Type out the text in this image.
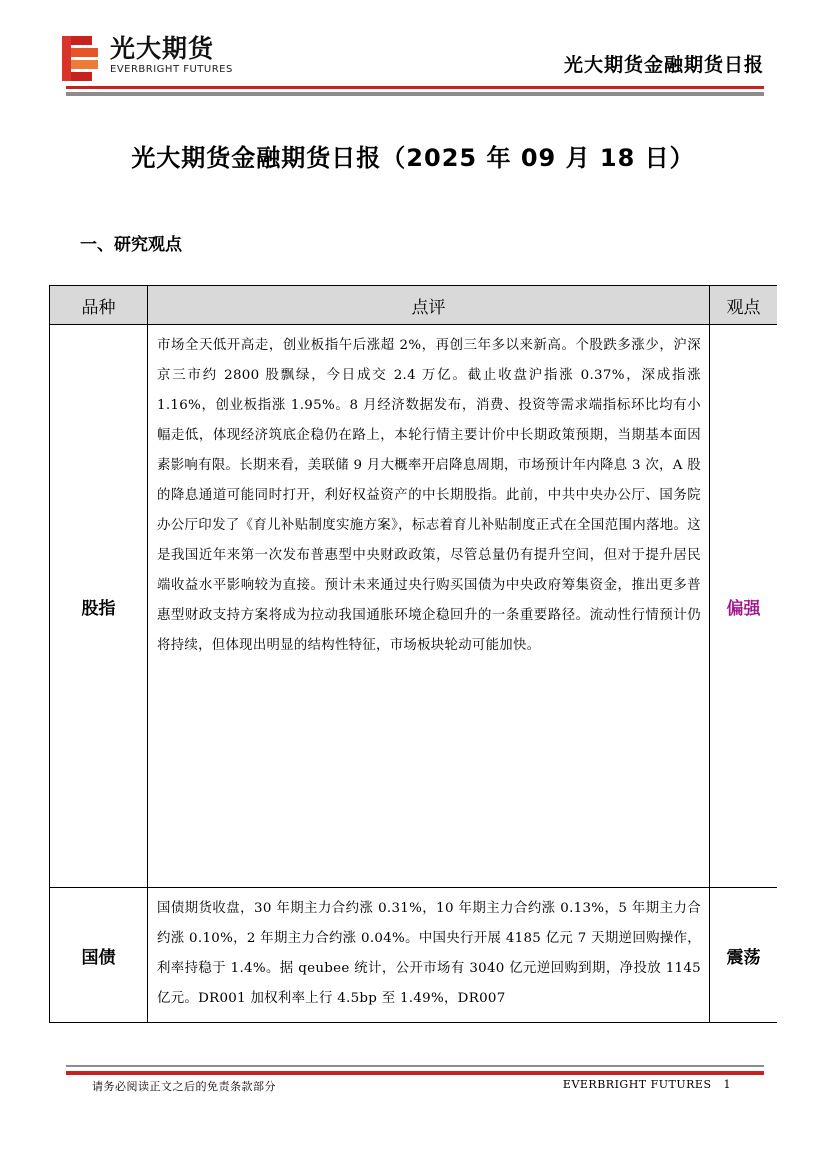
光大期货
EVERBRIGHT FUTURES	光大期货金融期货日报
光大期货金融期货日报（2025 年 09 月 18 日）
一、研究观点
品种	点评	观点
股指	市场全天低开高走，创业板指午后涨超 2%，再创三年多以来新高。个股跌多涨少，沪深京三市约 2800 股飘绿，今日成交 2.4 万亿。截止收盘沪指涨 0.37%，深成指涨 1.16%，创业板指涨 1.95%。8 月经济数据发布，消费、投资等需求端指标环比均有小幅走低，体现经济筑底企稳仍在路上，本轮行情主要计价中长期政策预期，当期基本面因素影响有限。长期来看，美联储 9 月大概率开启降息周期，市场预计年内降息 3 次，A 股的降息通道可能同时打开，利好权益资产的中长期股指。此前，中共中央办公厅、国务院办公厅印发了《育儿补贴制度实施方案》，标志着育儿补贴制度正式在全国范围内落地。这是我国近年来第一次发布普惠型中央财政政策，尽管总量仍有提升空间，但对于提升居民端收益水平影响较为直接。预计未来通过央行购买国债为中央政府筹集资金，推出更多普惠型财政支持方案将成为拉动我国通胀环境企稳回升的一条重要路径。流动性行情预计仍将持续，但体现出明显的结构性特征，市场板块轮动可能加快。	偏强
国债	国债期货收盘，30 年期主力合约涨 0.31%，10 年期主力合约涨 0.13%，5 年期主力合约涨 0.10%，2 年期主力合约涨 0.04%。中国央行开展 4185 亿元 7 天期逆回购操作，利率持稳于 1.4%。据 qeubee 统计，公开市场有 3040 亿元逆回购到期，净投放 1145 亿元。DR001 加权利率上行 4.5bp 至 1.49%，DR007	震荡
请务必阅读正文之后的免责条款部分	EVERBRIGHT FUTURES 1
